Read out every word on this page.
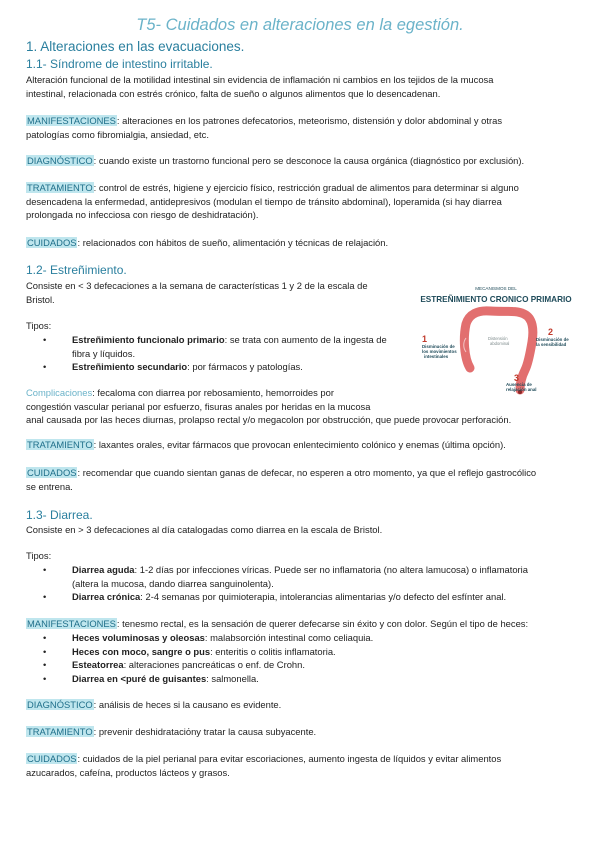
T5- Cuidados en alteraciones en la egestión.
1. Alteraciones en las evacuaciones.
1.1- Síndrome de intestino irritable.
Alteración funcional de la motilidad intestinal sin evidencia de inflamación ni cambios en los tejidos de la mucosa
intestinal, relacionada con estrés crónico, falta de sueño o algunos alimentos que lo desencadenan.
MANIFESTACIONES: alteraciones en los patrones defecatorios, meteorismo, distensión y dolor abdominal y otras
patologías como fibromialgia, ansiedad, etc.
DIAGNÓSTICO: cuando existe un trastorno funcional pero se desconoce la causa orgánica (diagnóstico por exclusión).
TRATAMIENTO: control de estrés, higiene y ejercicio físico, restricción gradual de alimentos para determinar si alguno
desencadena la enfermedad, antidepresivos (modulan el tiempo de tránsito abdominal), loperamida (si hay diarrea
prolongada no infecciosa con riesgo de deshidratación).
CUIDADOS: relacionados con hábitos de sueño, alimentación y técnicas de relajación.
1.2- Estreñimiento.
Consiste en < 3 defecaciones a la semana de características 1 y 2 de la escala de
Bristol.
Tipos:
•	Estreñimiento funcionalo primario: se trata con aumento de la ingesta de
fibra y líquidos.
•	Estreñimiento secundario: por fármacos y patologías.
Complicaciones: fecaloma con diarrea por rebosamiento, hemorroides por
congestión vascular perianal por esfuerzo, fisuras anales por heridas en la mucosa
anal causada por las heces diurnas, prolapso rectal y/o megacolon por obstrucción, que puede provocar perforación.
TRATAMIENTO: laxantes orales, evitar fármacos que provocan enlentecimiento colónico y enemas (última opción).
CUIDADOS: recomendar que cuando sientan ganas de defecar, no esperen a otro momento, ya que el reflejo gastrocólico
se entrena.
MECANISMOS DEL
ESTREÑIMIENTO CRONICO PRIMARIO
1
Disminución de
los movimientos
intestinales
Distensión
abdominal
2
Disminución de
la sensibilidad
3
Ausencia de
relajación anal
1.3- Diarrea.
Consiste en > 3 defecaciones al día catalogadas como diarrea en la escala de Bristol.
Tipos:
•	Diarrea aguda: 1-2 días por infecciones víricas. Puede ser no inflamatoria (no altera lamucosa) o inflamatoria
(altera la mucosa, dando diarrea sanguinolenta).
•	Diarrea crónica: 2-4 semanas por quimioterapia, intolerancias alimentarias y/o defecto del esfínter anal.
MANIFESTACIONES: tenesmo rectal, es la sensación de querer defecarse sin éxito y con dolor. Según el tipo de heces:
•	Heces voluminosas y oleosas: malabsorción intestinal como celiaquia.
•	Heces con moco, sangre o pus: enteritis o colitis inflamatoria.
•	Esteatorrea: alteraciones pancreáticas o enf. de Crohn.
•	Diarrea en <puré de guisantes: salmonella.
DIAGNÓSTICO: análisis de heces si la causano es evidente.
TRATAMIENTO: prevenir deshidrataciόny tratar la causa subyacente.
CUIDADOS: cuidados de la piel perianal para evitar escoriaciones, aumento ingesta de líquidos y evitar alimentos
azucarados, cafeína, productos lácteos y grasos.
